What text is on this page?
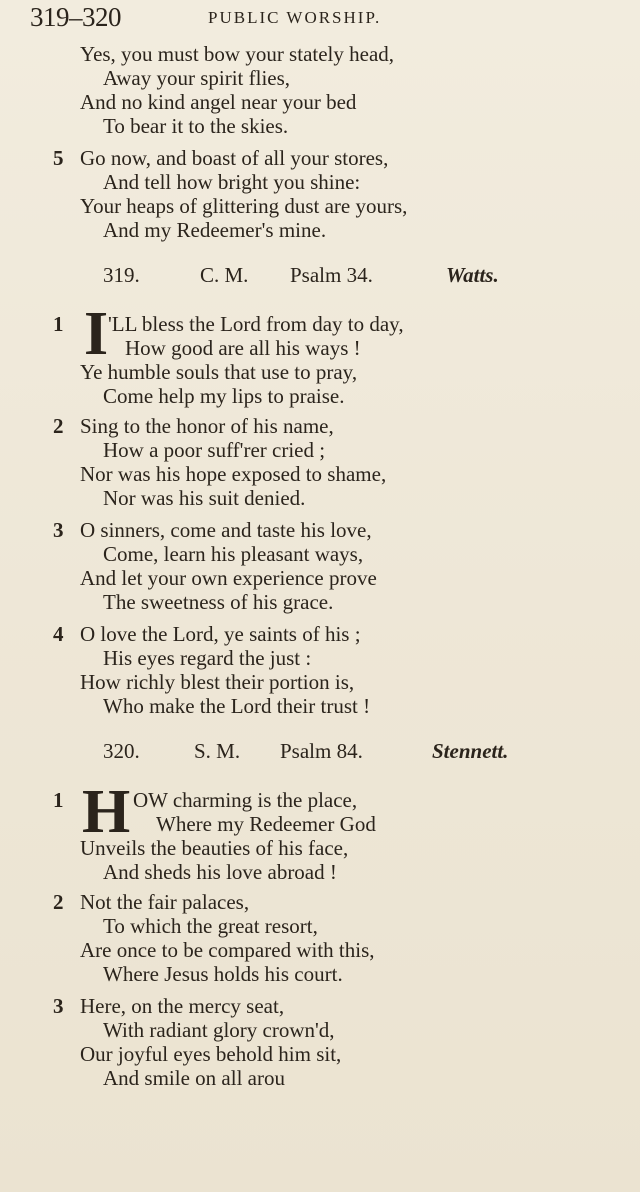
319–320	PUBLIC WORSHIP.
Yes, you must bow your stately head,
Away your spirit flies,
And no kind angel near your bed
To bear it to the skies.
5 Go now, and boast of all your stores,
And tell how bright you shine:
Your heaps of glittering dust are yours,
And my Redeemer's mine.
319.	C. M. Psalm 34.	Watts.
1 I 'LL bless the Lord from day to day,
How good are all his ways !
Ye humble souls that use to pray,
Come help my lips to praise.
2 Sing to the honor of his name,
How a poor suff'rer cried ;
Nor was his hope exposed to shame,
Nor was his suit denied.
3 O sinners, come and taste his love,
Come, learn his pleasant ways,
And let your own experience prove
The sweetness of his grace.
4 O love the Lord, ye saints of his ;
His eyes regard the just :
How richly blest their portion is,
Who make the Lord their trust !
320.	S. M. Psalm 84.	Stennett.
1 H OW charming is the place,
Where my Redeemer God
Unveils the beauties of his face,
And sheds his love abroad !
2 Not the fair palaces,
To which the great resort,
Are once to be compared with this,
Where Jesus holds his court.
3 Here, on the mercy seat,
With radiant glory crown'd,
Our joyful eyes behold him sit,
And smile on all arou
